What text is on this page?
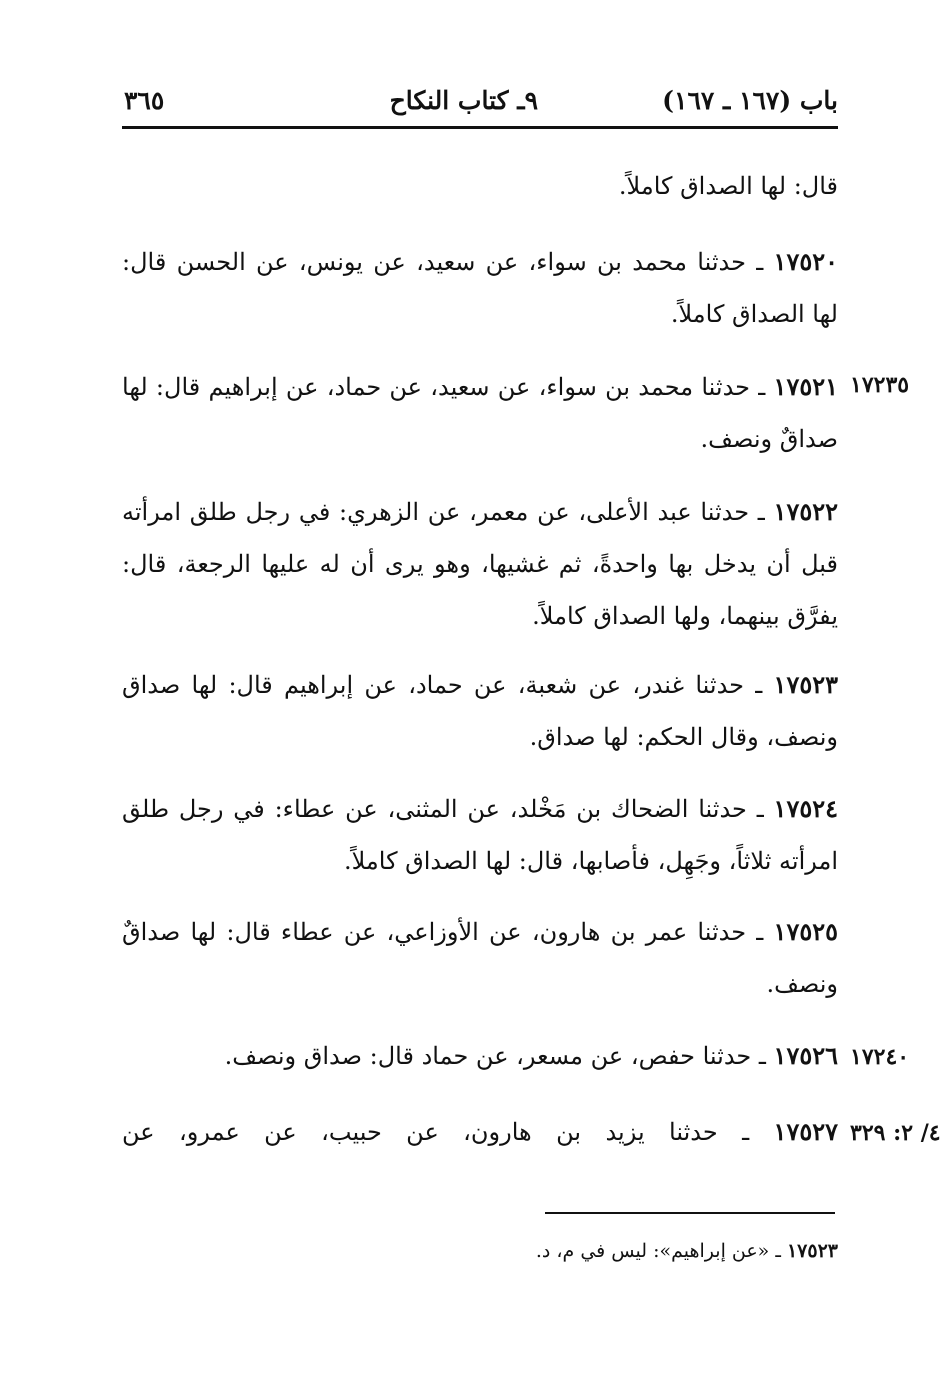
باب (١٦٧ ـ ١٦٧)
٩ـ كتاب النكاح
٣٦٥
قال: لها الصداق كاملاً.
١٧٥٢٠ ـ حدثنا محمد بن سواء، عن سعيد، عن يونس، عن الحسن قال: لها الصداق كاملاً.
١٧٢٣٥
١٧٥٢١ ـ حدثنا محمد بن سواء، عن سعيد، عن حماد، عن إبراهيم قال: لها صداقٌ ونصف.
١٧٥٢٢ ـ حدثنا عبد الأعلى، عن معمر، عن الزهري: في رجل طلق امرأته قبل أن يدخل بها واحدةً، ثم غشيها، وهو يرى أن له عليها الرجعة، قال: يفرَّق بينهما، ولها الصداق كاملاً.
١٧٥٢٣ ـ حدثنا غندر، عن شعبة، عن حماد، عن إبراهيم قال: لها صداق ونصف، وقال الحكم: لها صداق.
١٧٥٢٤ ـ حدثنا الضحاك بن مَخْلد، عن المثنى، عن عطاء: في رجل طلق امرأته ثلاثاً، وجَهِل، فأصابها، قال: لها الصداق كاملاً.
١٧٥٢٥ ـ حدثنا عمر بن هارون، عن الأوزاعي، عن عطاء قال: لها صداقٌ ونصف.
١٧٢٤٠
١٧٥٢٦ ـ حدثنا حفص، عن مسعر، عن حماد قال: صداق ونصف.
٤/ ٢: ٣٢٩
١٧٥٢٧ ـ حدثنا يزيد بن هارون، عن حبيب، عن عمرو، عن
١٧٥٢٣ ـ «عن إبراهيم»: ليس في م، د.
